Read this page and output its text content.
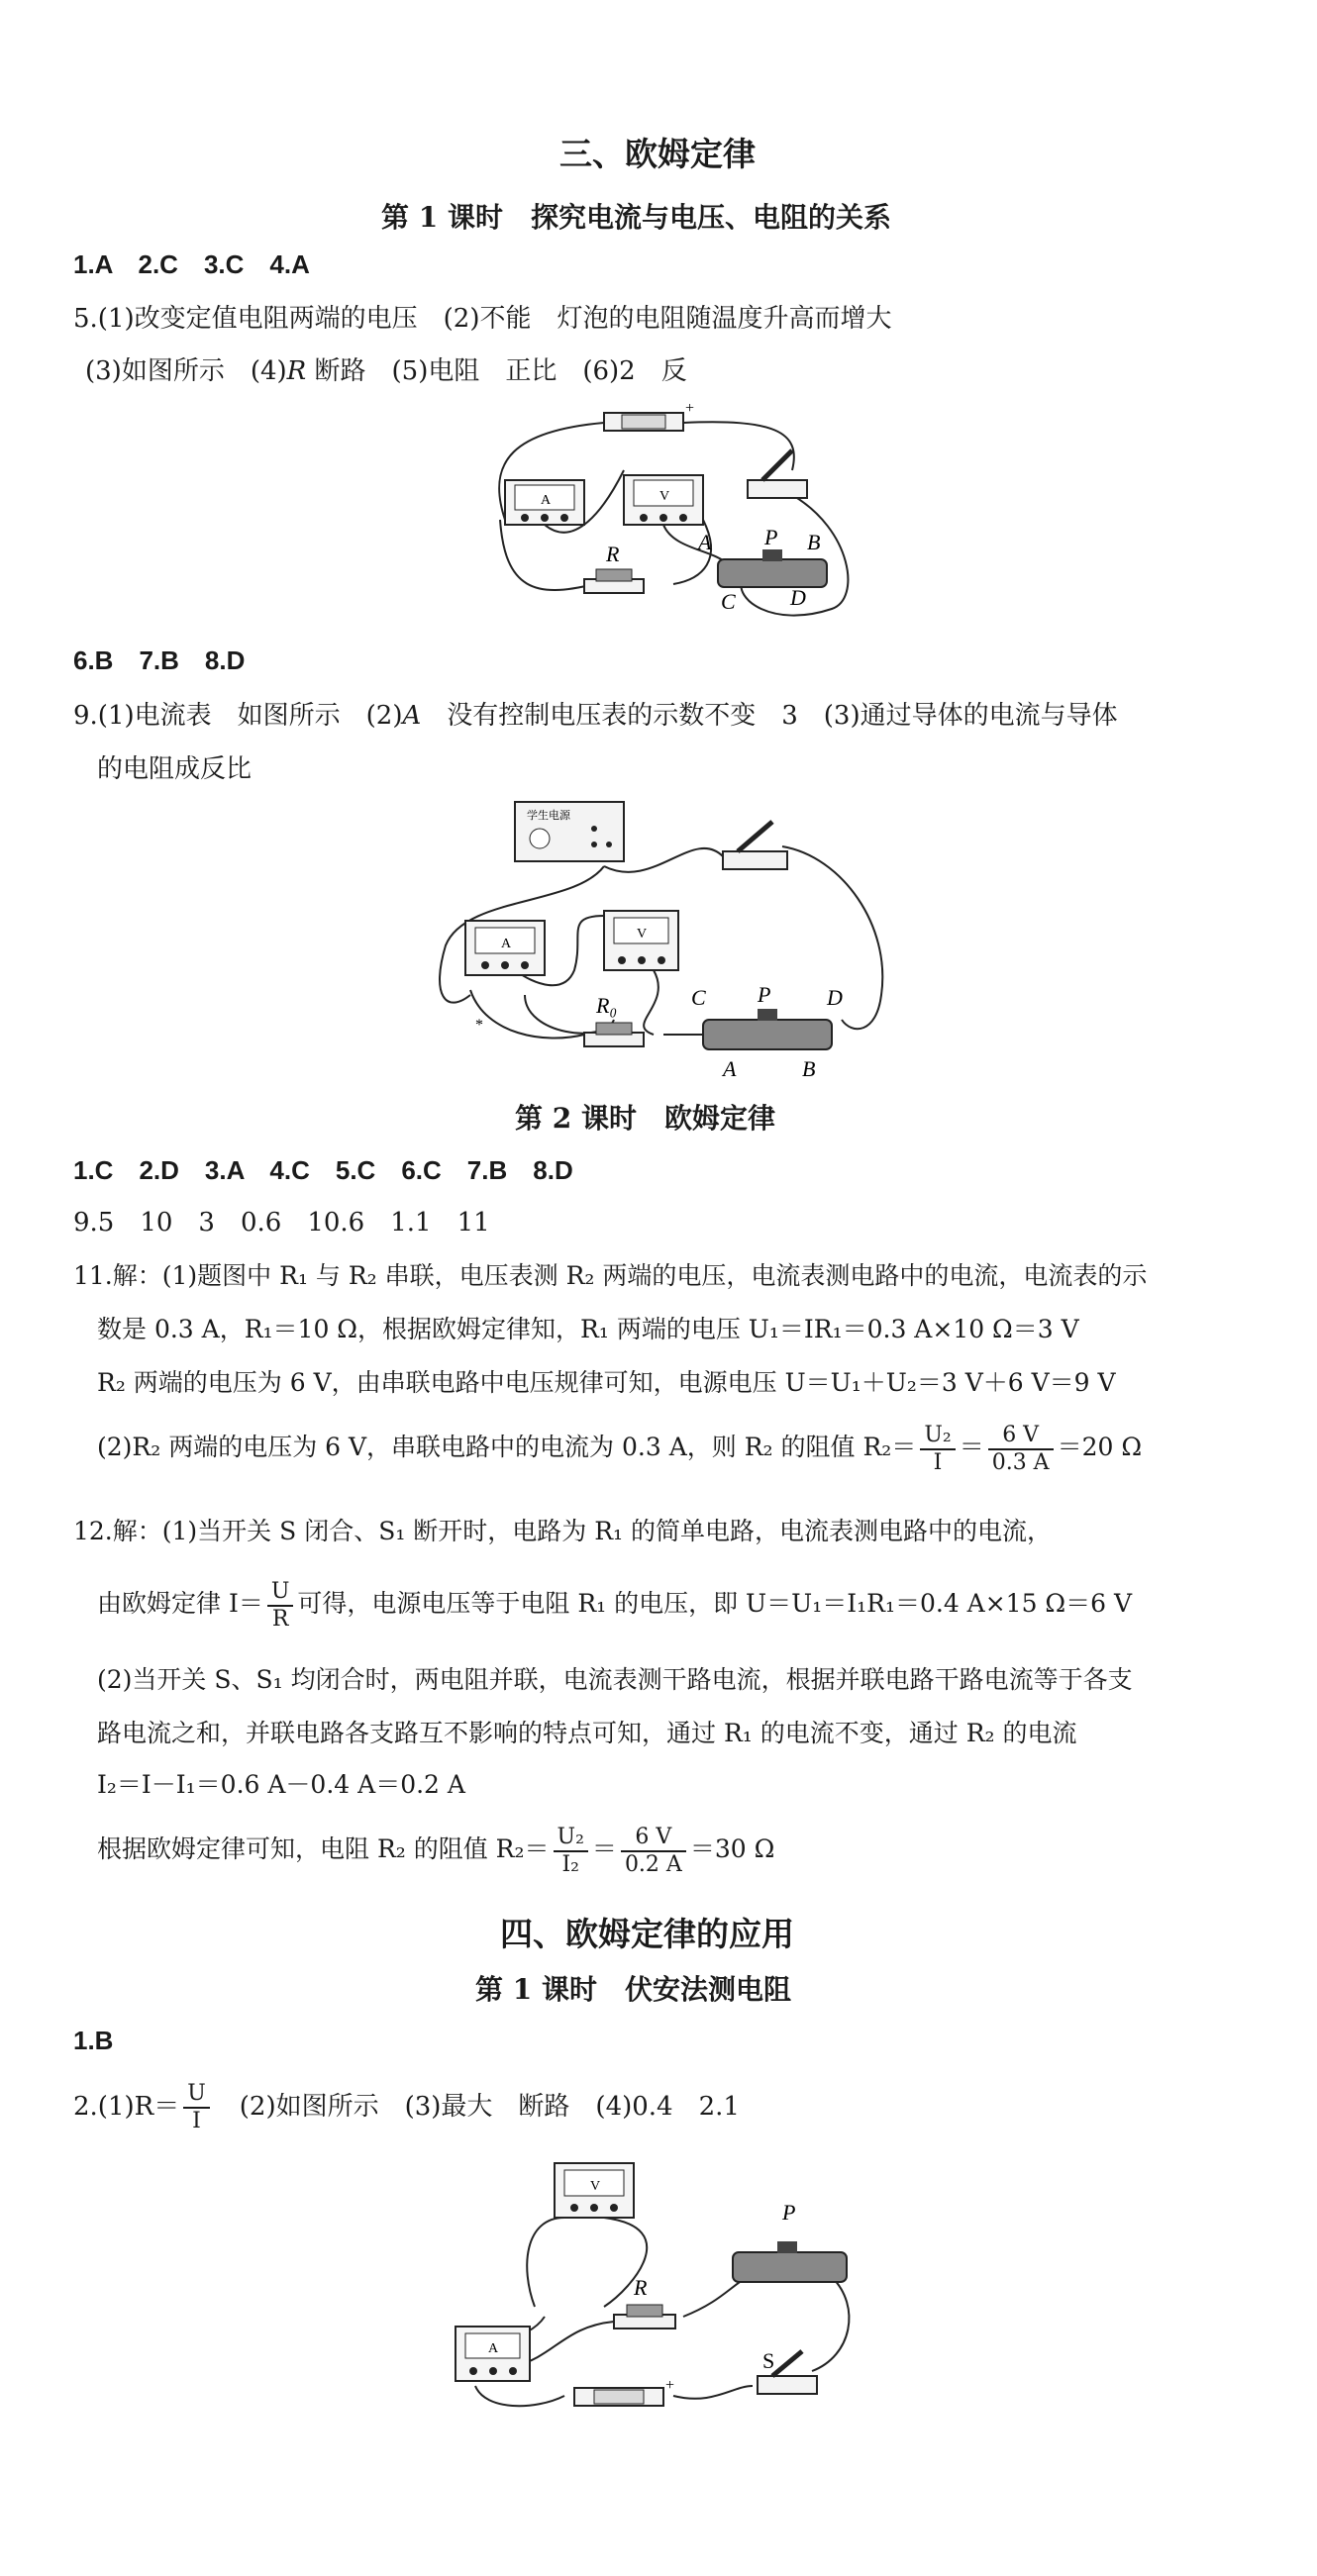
三、欧姆定律
第 1 课时　探究电流与电压、电阻的关系
1.A　2.C　3.C　4.A
5.(1)改变定值电阻两端的电压　(2)不能　灯泡的电阻随温度升高而增大
(3)如图所示　(4)R 断路　(5)电阻　正比　(6)2　反
+
A	V
R	A P B
C	D
6.B　7.B　8.D
9.(1)电流表　如图所示　(2)A　没有控制电压表的示数不变　3　(3)通过导体的电流与导体
的电阻成反比
学生电源
A
V
*
R₀	C P	D
A	B
第 2 课时　欧姆定律
1.C　2.D　3.A　4.C　5.C　6.C　7.B　8.D
9.5　10　3　0.6　10.6　1.1　11
11.解：(1)题图中 R₁ 与 R₂ 串联，电压表测 R₂ 两端的电压，电流表测电路中的电流，电流表的示
数是 0.3 A，R₁＝10 Ω，根据欧姆定律知，R₁ 两端的电压 U₁＝IR₁＝0.3 A×10 Ω＝3 V
R₂ 两端的电压为 6 V，由串联电路中电压规律可知，电源电压 U＝U₁＋U₂＝3 V＋6 V＝9 V
(2)R₂ 两端的电压为 6 V，串联电路中的电流为 0.3 A，则 R₂ 的阻值 $R_2= \frac{\text{U₂}}{I} = \frac{6 V}{0.3 A} =20$ Ω
12.解：(1)当开关 S 闭合、S₁ 断开时，电路为 R₁ 的简单电路，电流表测电路中的电流，
由欧姆定律 $I= \frac{U}{R}$ 可得，电源电压等于电阻 R₁ 的电压，即 U＝U₁＝I₁R₁＝0.4 A×15 Ω＝6 V
(2)当开关 S、S₁ 均闭合时，两电阻并联，电流表测干路电流，根据并联电路干路电流等于各支
路电流之和，并联电路各支路互不影响的特点可知，通过 R₁ 的电流不变，通过 R₂ 的电流
I₂＝I－I₁＝0.6 A－0.4 A＝0.2 A
根据欧姆定律可知，电阻 R₂ 的阻值 $R_2= \frac{\text{U₂}}{\text{I₂}} = \frac{6 V}{0.2 A} =30$ Ω
四、欧姆定律的应用
第 1 课时　伏安法测电阻
1.B
$2.(1)R= \frac{U}{I}$ 　(2)如图所示　(3)最大　断路　(4)0.4　2.1
V
P
R
A	S
+
